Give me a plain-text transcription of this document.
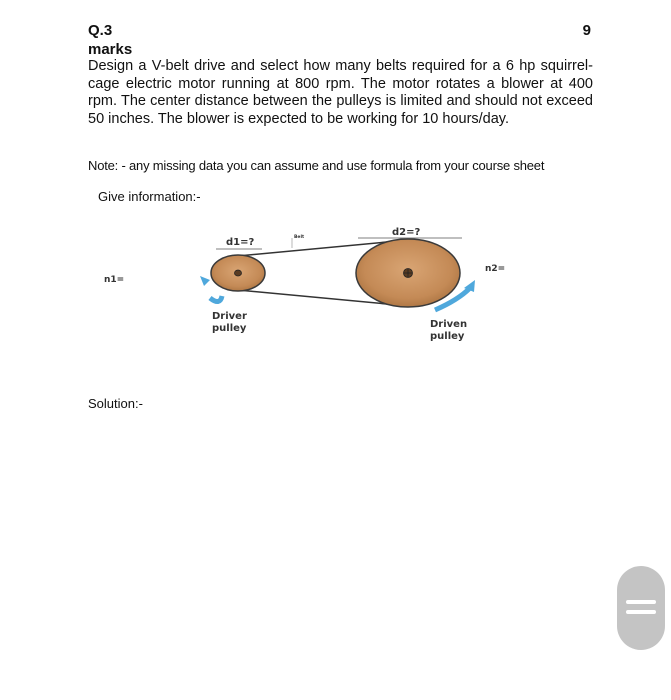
Q.3	9
marks

Design a V-belt drive and select how many belts required for a 6 hp squirrel-cage electric motor running at 800 rpm. The motor rotates a blower at 400 rpm. The center distance between the pulleys is limited and should not exceed 50 inches. The blower is expected to be working for 10 hours/day.

Note: - any missing data you can assume and use formula from your course sheet
Give information:-
d1=?
d2=?
Belt
n1=
n2=
Driver
pulley	Driven
pulley
Solution:-
